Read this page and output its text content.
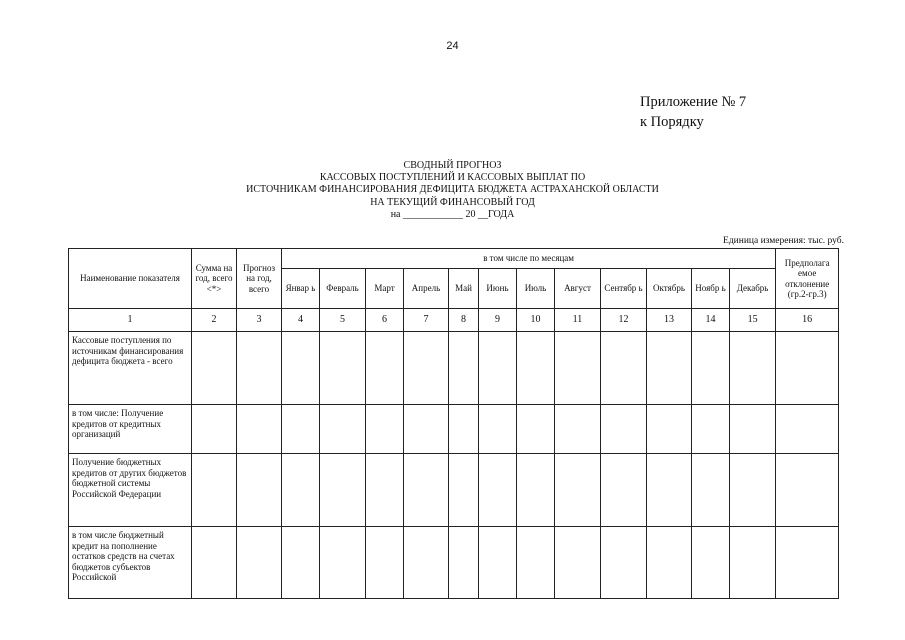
24
Приложение № 7
к Порядку
СВОДНЫЙ ПРОГНОЗ
КАССОВЫХ ПОСТУПЛЕНИЙ И КАССОВЫХ ВЫПЛАТ ПО
ИСТОЧНИКАМ ФИНАНСИРОВАНИЯ ДЕФИЦИТА БЮДЖЕТА АСТРАХАНСКОЙ ОБЛАСТИ
НА ТЕКУЩИЙ ФИНАНСОВЫЙ ГОД
на ____________ 20 __ГОДА
Единица измерения: тыс. руб.
Наименование показателя	Сумма на год, всего <*>	Прогноз на год, всего	в том числе по месяцам												Предполага емое отклонение (гр.2-гр.3)
			Январ ь	Февраль	Март	Апрель	Май	Июнь	Июль	Август	Сентябр ь	Октябрь	Ноябр ь	Декабрь	
1	2	3	4	5	6	7	8	9	10	11	12	13	14	15	16
Кассовые поступления по источникам финансирования дефицита бюджета - всего															
в том числе: Получение кредитов от кредитных организаций															
Получение бюджетных кредитов от других бюджетов бюджетной системы Российской Федерации															
в том числе бюджетный кредит на пополнение остатков средств на счетах бюджетов субъектов Российской															
